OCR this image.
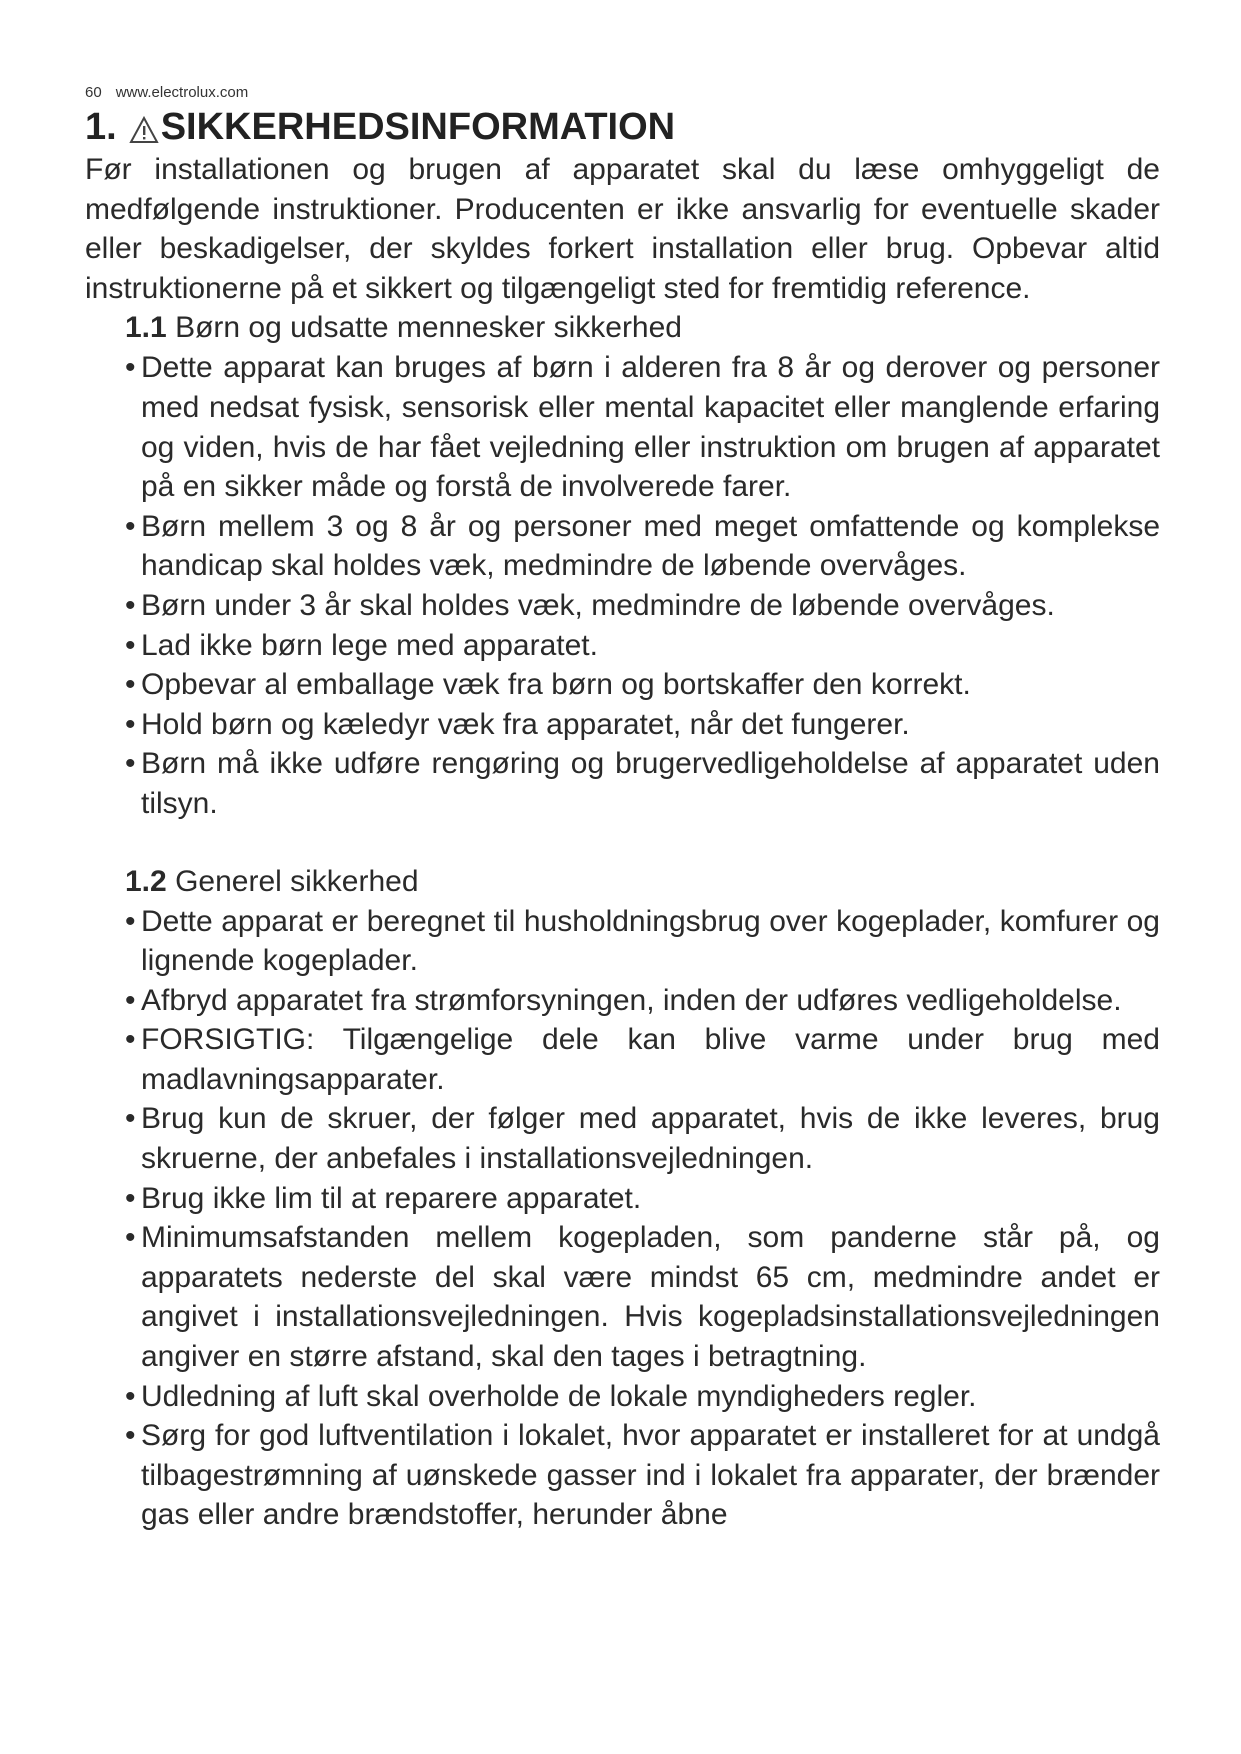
60 www.electrolux.com
1. SIKKERHEDSINFORMATION

Før installationen og brugen af apparatet skal du læse omhyggeligt de medfølgende instruktioner. Producenten er ikke ansvarlig for eventuelle skader eller beskadigelser, der skyldes forkert installation eller brug. Opbevar altid instruktionerne på et sikkert og tilgængeligt sted for fremtidig reference.

1.1 Børn og udsatte mennesker sikkerhed

• Dette apparat kan bruges af børn i alderen fra 8 år og derover og personer med nedsat fysisk, sensorisk eller mental kapacitet eller manglende erfaring og viden, hvis de har fået vejledning eller instruktion om brugen af apparatet på en sikker måde og forstå de involverede farer.
• Børn mellem 3 og 8 år og personer med meget omfattende og komplekse handicap skal holdes væk, medmindre de løbende overvåges.
• Børn under 3 år skal holdes væk, medmindre de løbende overvåges.
• Lad ikke børn lege med apparatet.
• Opbevar al emballage væk fra børn og bortskaffer den korrekt.
• Hold børn og kæledyr væk fra apparatet, når det fungerer.
• Børn må ikke udføre rengøring og brugervedligeholdelse af apparatet uden tilsyn.

1.2 Generel sikkerhed

• Dette apparat er beregnet til husholdningsbrug over kogeplader, komfurer og lignende kogeplader.
• Afbryd apparatet fra strømforsyningen, inden der udføres vedligeholdelse.
• FORSIGTIG: Tilgængelige dele kan blive varme under brug med madlavningsapparater.
• Brug kun de skruer, der følger med apparatet, hvis de ikke leveres, brug skruerne, der anbefales i installationsvejledningen.
• Brug ikke lim til at reparere apparatet.
• Minimumsafstanden mellem kogepladen, som panderne står på, og apparatets nederste del skal være mindst 65 cm, medmindre andet er angivet i installationsvejledningen. Hvis kogepladsinstallationsvejledningen angiver en større afstand, skal den tages i betragtning.
• Udledning af luft skal overholde de lokale myndigheders regler.
• Sørg for god luftventilation i lokalet, hvor apparatet er installeret for at undgå tilbagestrømning af uønskede gasser ind i lokalet fra apparater, der brænder gas eller andre brændstoffer, herunder åbne
